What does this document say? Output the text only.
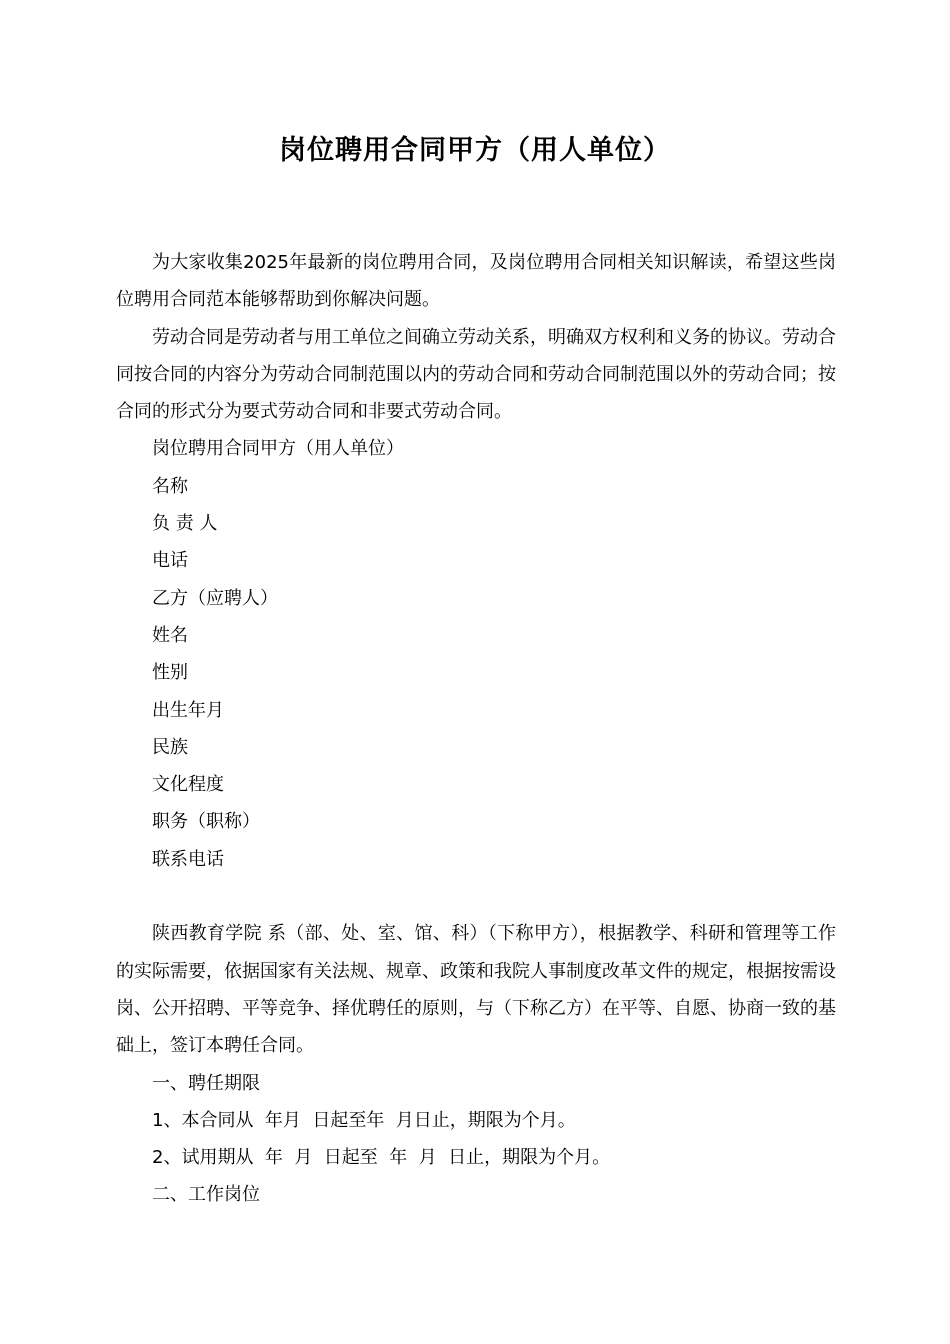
岗位聘用合同甲方（用人单位）

为大家收集2025年最新的岗位聘用合同，及岗位聘用合同相关知识解读，希望这些岗位聘用合同范本能够帮助到你解决问题。

劳动合同是劳动者与用工单位之间确立劳动关系，明确双方权利和义务的协议。劳动合同按合同的内容分为劳动合同制范围以内的劳动合同和劳动合同制范围以外的劳动合同；按合同的形式分为要式劳动合同和非要式劳动合同。

岗位聘用合同甲方（用人单位）

名称

负 责 人

电话

乙方（应聘人）

姓名

性别

出生年月

民族

文化程度

职务（职称）

联系电话

陕西教育学院 系（部、处、室、馆、科）（下称甲方），根据教学、科研和管理等工作的实际需要，依据国家有关法规、规章、政策和我院人事制度改革文件的规定，根据按需设岗、公开招聘、平等竞争、择优聘任的原则，与（下称乙方）在平等、自愿、协商一致的基础上，签订本聘任合同。

一、聘任期限

1、本合同从  年月  日起至年  月日止，期限为个月。

2、试用期从  年  月  日起至  年  月  日止，期限为个月。

二、工作岗位
